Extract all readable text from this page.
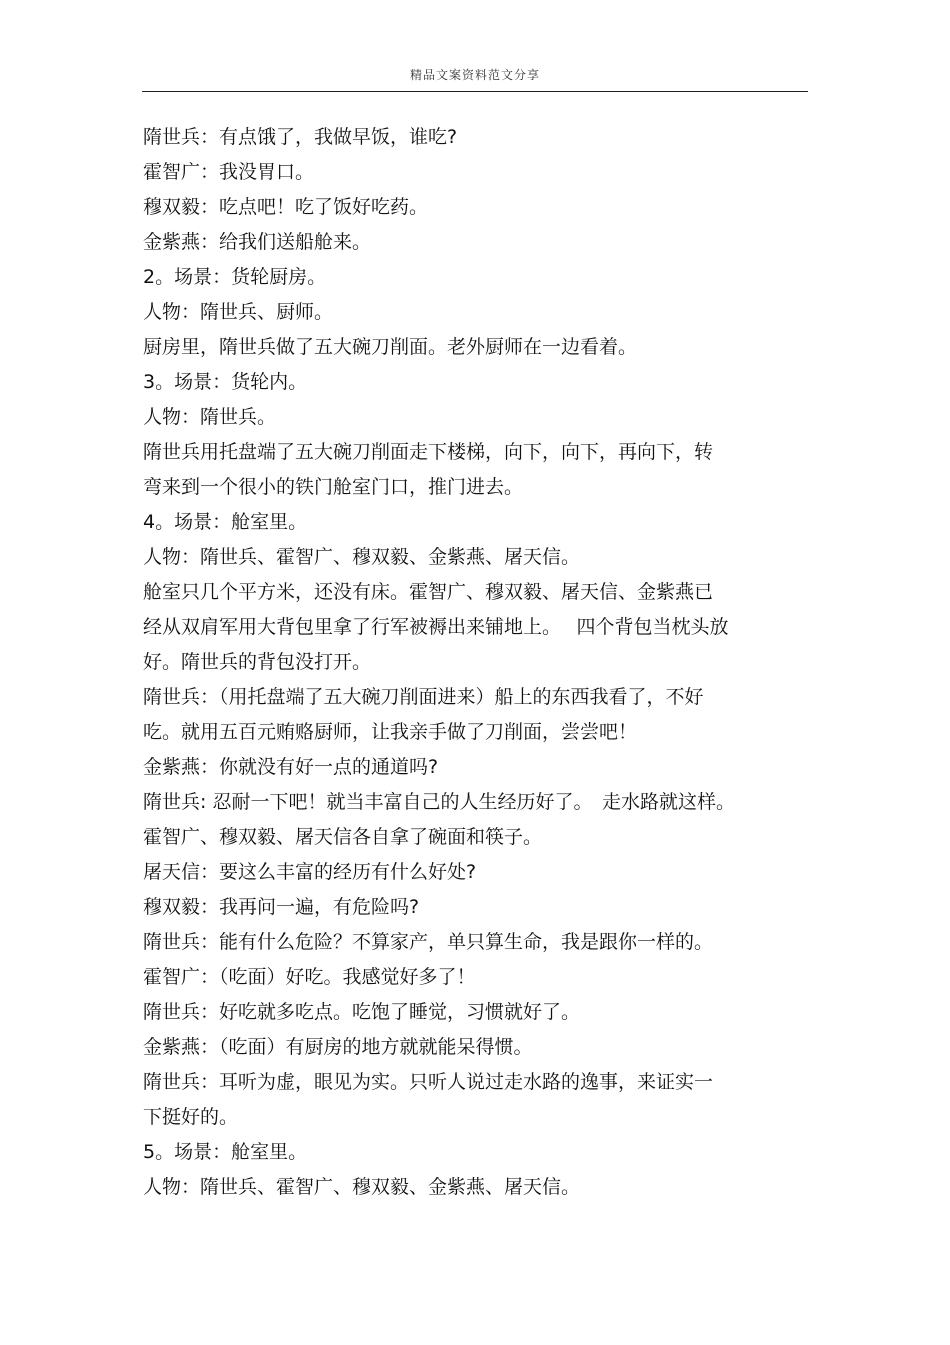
精品文案资料范文分享
隋世兵：有点饿了，我做早饭，谁吃?
霍智广：我没胃口。
穆双毅：吃点吧！吃了饭好吃药。
金紫燕：给我们送船舱来。
2。场景：货轮厨房。
人物：隋世兵、厨师。
厨房里，隋世兵做了五大碗刀削面。老外厨师在一边看着。
3。场景：货轮内。
人物：隋世兵。
隋世兵用托盘端了五大碗刀削面走下楼梯，向下，向下，再向下，转
弯来到一个很小的铁门舱室门口，推门进去。
4。场景：舱室里。
人物：隋世兵、霍智广、穆双毅、金紫燕、屠天信。
舱室只几个平方米，还没有床。霍智广、穆双毅、屠天信、金紫燕已
经从双肩军用大背包里拿了行军被褥出来铺地上。　 四个背包当枕头放
好。隋世兵的背包没打开。
隋世兵：（用托盘端了五大碗刀削面进来）船上的东西我看了，不好
吃。就用五百元贿赂厨师，让我亲手做了刀削面，尝尝吧！
金紫燕：你就没有好一点的通道吗?
隋世兵: 忍耐一下吧！就当丰富自己的人生经历好了。　走水路就这样。
霍智广、穆双毅、屠天信各自拿了碗面和筷子。
屠天信：要这么丰富的经历有什么好处?
穆双毅：我再问一遍，有危险吗?
隋世兵：能有什么危险？不算家产，单只算生命，我是跟你一样的。
霍智广：（吃面）好吃。我感觉好多了！
隋世兵：好吃就多吃点。吃饱了睡觉，习惯就好了。
金紫燕：（吃面）有厨房的地方就就能呆得惯。
隋世兵：耳听为虚，眼见为实。只听人说过走水路的逸事，来证实一
下挺好的。
5。场景：舱室里。
人物：隋世兵、霍智广、穆双毅、金紫燕、屠天信。
